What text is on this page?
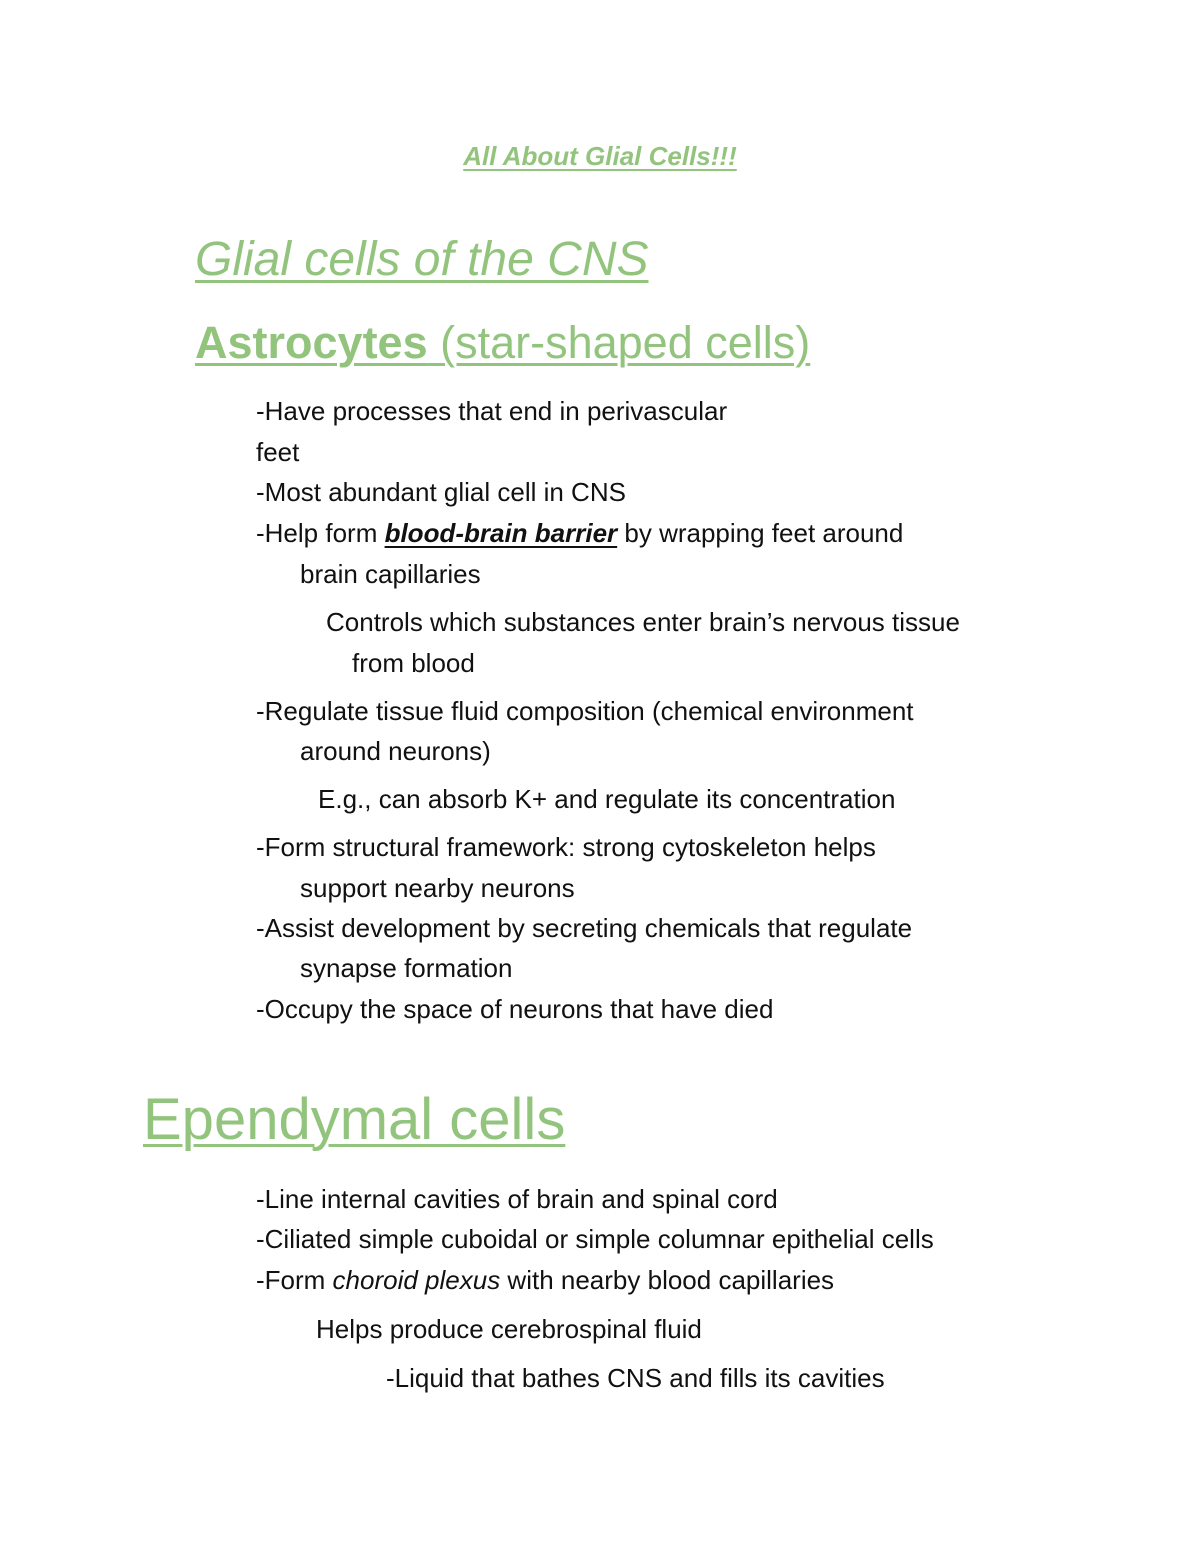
All About Glial Cells!!!
Glial cells of the CNS
Astrocytes (star-shaped cells)
-Have processes that end in perivascular
feet
-Most abundant glial cell in CNS
-Help form blood-brain barrier by wrapping feet around
brain capillaries
Controls which substances enter brain’s nervous tissue
from blood
-Regulate tissue fluid composition (chemical environment
around neurons)
E.g., can absorb K+ and regulate its concentration
-Form structural framework: strong cytoskeleton helps
support nearby neurons
-Assist development by secreting chemicals that regulate
synapse formation
-Occupy the space of neurons that have died
Ependymal cells
-Line internal cavities of brain and spinal cord
-Ciliated simple cuboidal or simple columnar epithelial cells
-Form choroid plexus with nearby blood capillaries
Helps produce cerebrospinal fluid
-Liquid that bathes CNS and fills its cavities
